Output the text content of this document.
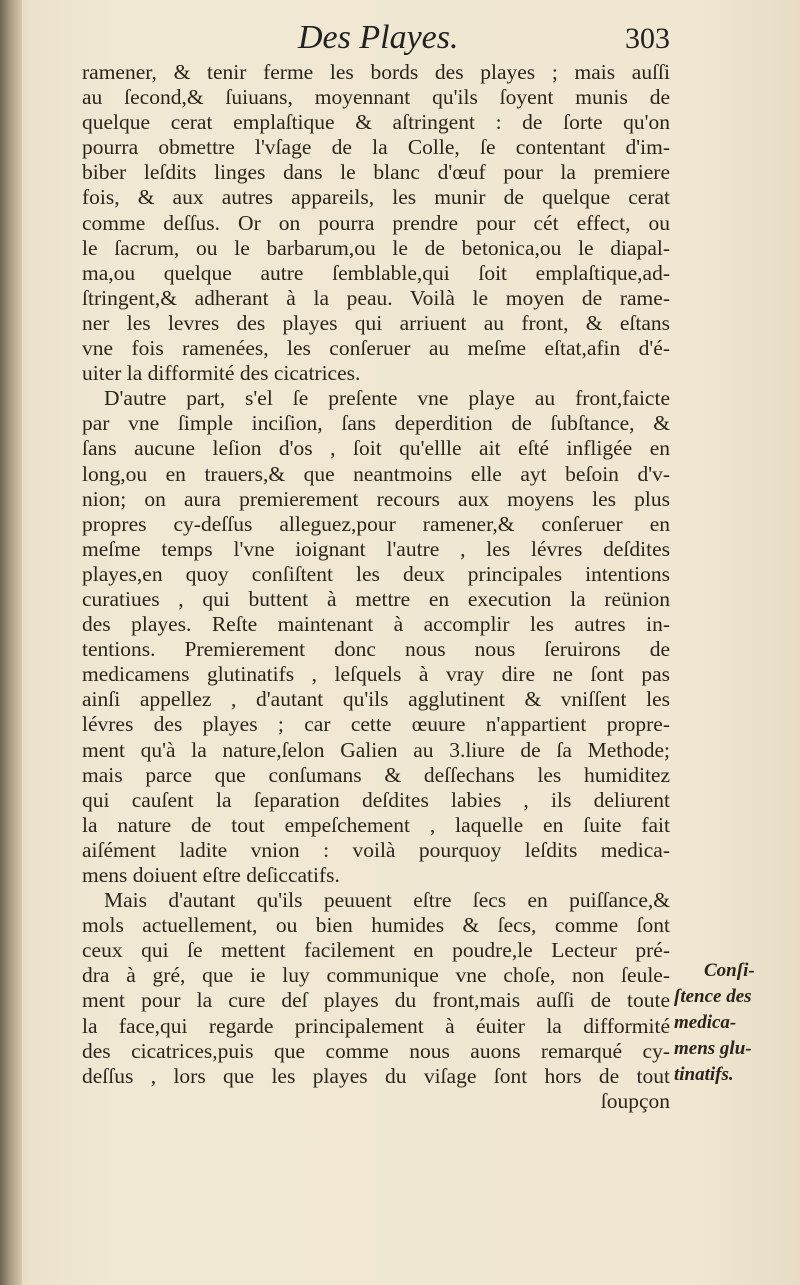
Des Playes.	303
ramener, & tenir ferme les bords des playes ; mais auſſi
au ſecond,& ſuiuans, moyennant qu'ils ſoyent munis de
quelque cerat emplaſtique & aſtringent : de ſorte qu'on
pourra obmettre l'vſage de la Colle, ſe contentant d'im-
biber leſdits linges dans le blanc d'œuf pour la premiere
fois, & aux autres appareils, les munir de quelque cerat
comme deſſus. Or on pourra prendre pour cét effect, ou
le ſacrum, ou le barbarum,ou le de betonica,ou le diapal-
ma,ou quelque autre ſemblable,qui ſoit emplaſtique,ad-
ſtringent,& adherant à la peau. Voilà le moyen de rame-
ner les levres des playes qui arriuent au front, & eſtans
vne fois ramenées, les conſeruer au meſme eſtat,afin d'é-
uiter la difformité des cicatrices.
D'autre part, s'el ſe preſente vne playe au front,faicte
par vne ſimple inciſion, ſans deperdition de ſubſtance, &
ſans aucune leſion d'os , ſoit qu'ellle ait eſté infligée en
long,ou en trauers,& que neantmoins elle ayt beſoin d'v-
nion; on aura premierement recours aux moyens les plus
propres cy-deſſus alleguez,pour ramener,& conſeruer en
meſme temps l'vne ioignant l'autre , les lévres deſdites
playes,en quoy conſiſtent les deux principales intentions
curatiues , qui buttent à mettre en execution la reünion
des playes. Reſte maintenant à accomplir les autres in-
tentions. Premierement donc nous nous ſeruirons de
medicamens glutinatifs , leſquels à vray dire ne ſont pas
ainſi appellez , d'autant qu'ils agglutinent & vniſſent les
lévres des playes ; car cette œuure n'appartient propre-
ment qu'à la nature,ſelon Galien au 3.liure de ſa Methode;
mais parce que conſumans & deſſechans les humiditez
qui cauſent la ſeparation deſdites labies , ils deliurent
la nature de tout empeſchement , laquelle en ſuite fait
aiſément ladite vnion : voilà pourquoy leſdits medica-
mens doiuent eſtre deſiccatifs.
Mais d'autant qu'ils peuuent eſtre ſecs en puiſſance,&
mols actuellement, ou bien humides & ſecs, comme ſont
ceux qui ſe mettent facilement en poudre,le Lecteur pré-
dra à gré, que ie luy communique vne choſe, non ſeule-
ment pour la cure deſ playes du front,mais auſſi de toute
la face,qui regarde principalement à éuiter la difformité
des cicatrices,puis que comme nous auons remarqué cy-
deſſus , lors que les playes du viſage ſont hors de tout
ſoupçon
Conſi-
ſtence des
medica-
mens glu-
tinatifs.
